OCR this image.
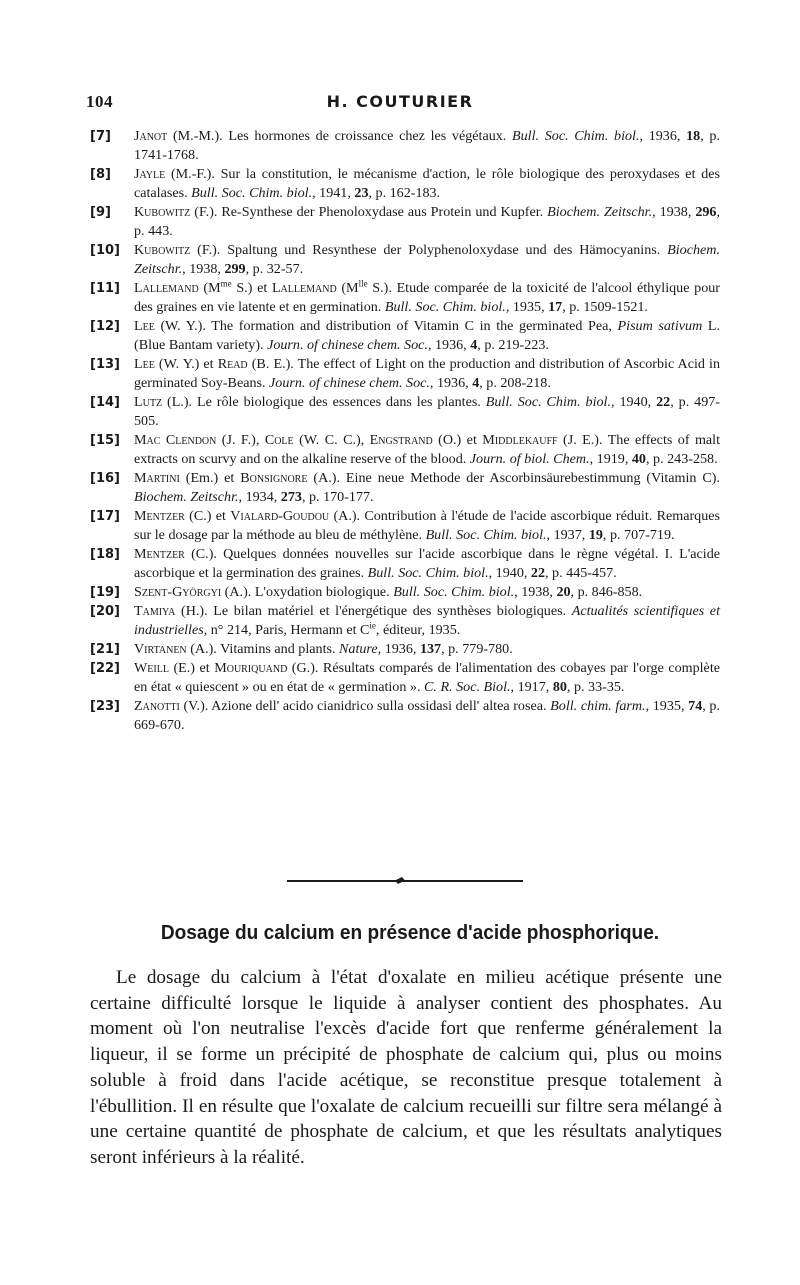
104	H. COUTURIER
[7] Janot (M.-M.). Les hormones de croissance chez les végétaux. Bull. Soc. Chim. biol., 1936, 18, p. 1741-1768.
[8] Jayle (M.-F.). Sur la constitution, le mécanisme d'action, le rôle biologique des peroxydases et des catalases. Bull. Soc. Chim. biol., 1941, 23, p. 162-183.
[9] Kubowitz (F.). Re-Synthese der Phenoloxydase aus Protein und Kupfer. Biochem. Zeitschr., 1938, 296, p. 443.
[10] Kubowitz (F.). Spaltung und Resynthese der Polyphenoloxydase und des Hämocyanins. Biochem. Zeitschr., 1938, 299, p. 32-57.
[11] Lallemand ($M^{me}$ S.) et Lallemand ($M^{lle}$ S.). Etude comparée de la toxicité de l'alcool éthylique pour des graines en vie latente et en germination. Bull. Soc. Chim. biol., 1935, 17, p. 1509-1521.
[12] Lee (W. Y.). The formation and distribution of Vitamin C in the germinated Pea, Pisum sativum L. (Blue Bantam variety). Journ. of chinese chem. Soc., 1936, 4, p. 219-223.
[13] Lee (W. Y.) et Read (B. E.). The effect of Light on the production and distribution of Ascorbic Acid in germinated Soy-Beans. Journ. of chinese chem. Soc., 1936, 4, p. 208-218.
[14] Lutz (L.). Le rôle biologique des essences dans les plantes. Bull. Soc. Chim. biol., 1940, 22, p. 497-505.
[15] Mac Clendon (J. F.), Cole (W. C. C.), Engstrand (O.) et Middlekauff (J. E.). The effects of malt extracts on scurvy and on the alkaline reserve of the blood. Journ. of biol. Chem., 1919, 40, p. 243-258.
[16] Martini (Em.) et Bonsignore (A.). Eine neue Methode der Ascorbinsäurebestimmung (Vitamin C). Biochem. Zeitschr., 1934, 273, p. 170-177.
[17] Mentzer (C.) et Vialard-Goudou (A.). Contribution à l'étude de l'acide ascorbique réduit. Remarques sur le dosage par la méthode au bleu de méthylène. Bull. Soc. Chim. biol., 1937, 19, p. 707-719.
[18] Mentzer (C.). Quelques données nouvelles sur l'acide ascorbique dans le règne végétal. I. L'acide ascorbique et la germination des graines. Bull. Soc. Chim. biol., 1940, 22, p. 445-457.
[19] Szent-Györgyi (A.). L'oxydation biologique. Bull. Soc. Chim. biol., 1938, 20, p. 846-858.
[20] Tamiya (H.). Le bilan matériel et l'énergétique des synthèses biologiques. Actualités scientifiques et industrielles, n° 214, Paris, Hermann et $C^{ie}$, éditeur, 1935.
[21] Virtanen (A.). Vitamins and plants. Nature, 1936, 137, p. 779-780.
[22] Weill (E.) et Mouriquand (G.). Résultats comparés de l'alimentation des cobayes par l'orge complète en état « quiescent » ou en état de « germination ». C. R. Soc. Biol., 1917, 80, p. 33-35.
[23] Zanotti (V.). Azione dell' acido cianidrico sulla ossidasi dell' altea rosea. Boll. chim. farm., 1935, 74, p. 669-670.
Dosage du calcium en présence d'acide phosphorique.

Le dosage du calcium à l'état d'oxalate en milieu acétique présente une certaine difficulté lorsque le liquide à analyser contient des phosphates. Au moment où l'on neutralise l'excès d'acide fort que renferme généralement la liqueur, il se forme un précipité de phosphate de calcium qui, plus ou moins soluble à froid dans l'acide acétique, se reconstitue presque totalement à l'ébullition. Il en résulte que l'oxalate de calcium recueilli sur filtre sera mélangé à une certaine quantité de phosphate de calcium, et que les résultats analytiques seront inférieurs à la réalité.
